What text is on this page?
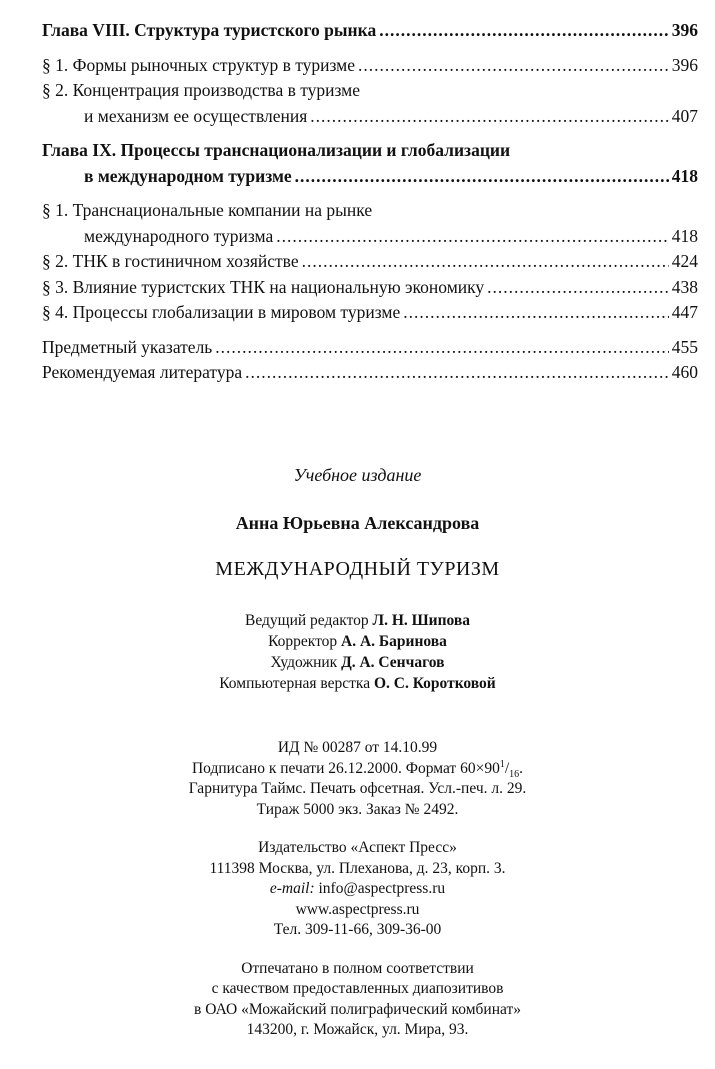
Глава VIII. Структура туристского рынка .....	396
§ 1. Формы рыночных структур в туризме .....	396
§ 2. Концентрация производства в туризме
и механизм ее осуществления .....	407
Глава IX. Процессы транснационализации и глобализации
в международном туризме .....	418
§ 1. Транснациональные компании на рынке
международного туризма .....	418
§ 2. ТНК в гостиничном хозяйстве .....	424
§ 3. Влияние туристских ТНК на национальную экономику .....	438
§ 4. Процессы глобализации в мировом туризме .....	447
Предметный указатель .....	455
Рекомендуемая литература .....	460
Учебное издание
Анна Юрьевна Александрова
МЕЖДУНАРОДНЫЙ ТУРИЗМ
Ведущий редактор Л. Н. Шипова
Корректор А. А. Баринова
Художник Д. А. Сенчагов
Компьютерная верстка О. С. Коротковой
ИД № 00287 от 14.10.99
Подписано к печати 26.12.2000. Формат $60\times 90^1/_{16}$.
Гарнитура Таймс. Печать офсетная. Усл.-печ. л. 29.
Тираж 5000 экз. Заказ № 2492.
Издательство «Аспект Пресс»
111398 Москва, ул. Плеханова, д. 23, корп. 3.
e-mail: info@aspectpress.ru
www.aspectpress.ru
Тел. 309-11-66, 309-36-00
Отпечатано в полном соответствии
с качеством предоставленных диапозитивов
в ОАО «Можайский полиграфический комбинат»
143200, г. Можайск, ул. Мира, 93.
